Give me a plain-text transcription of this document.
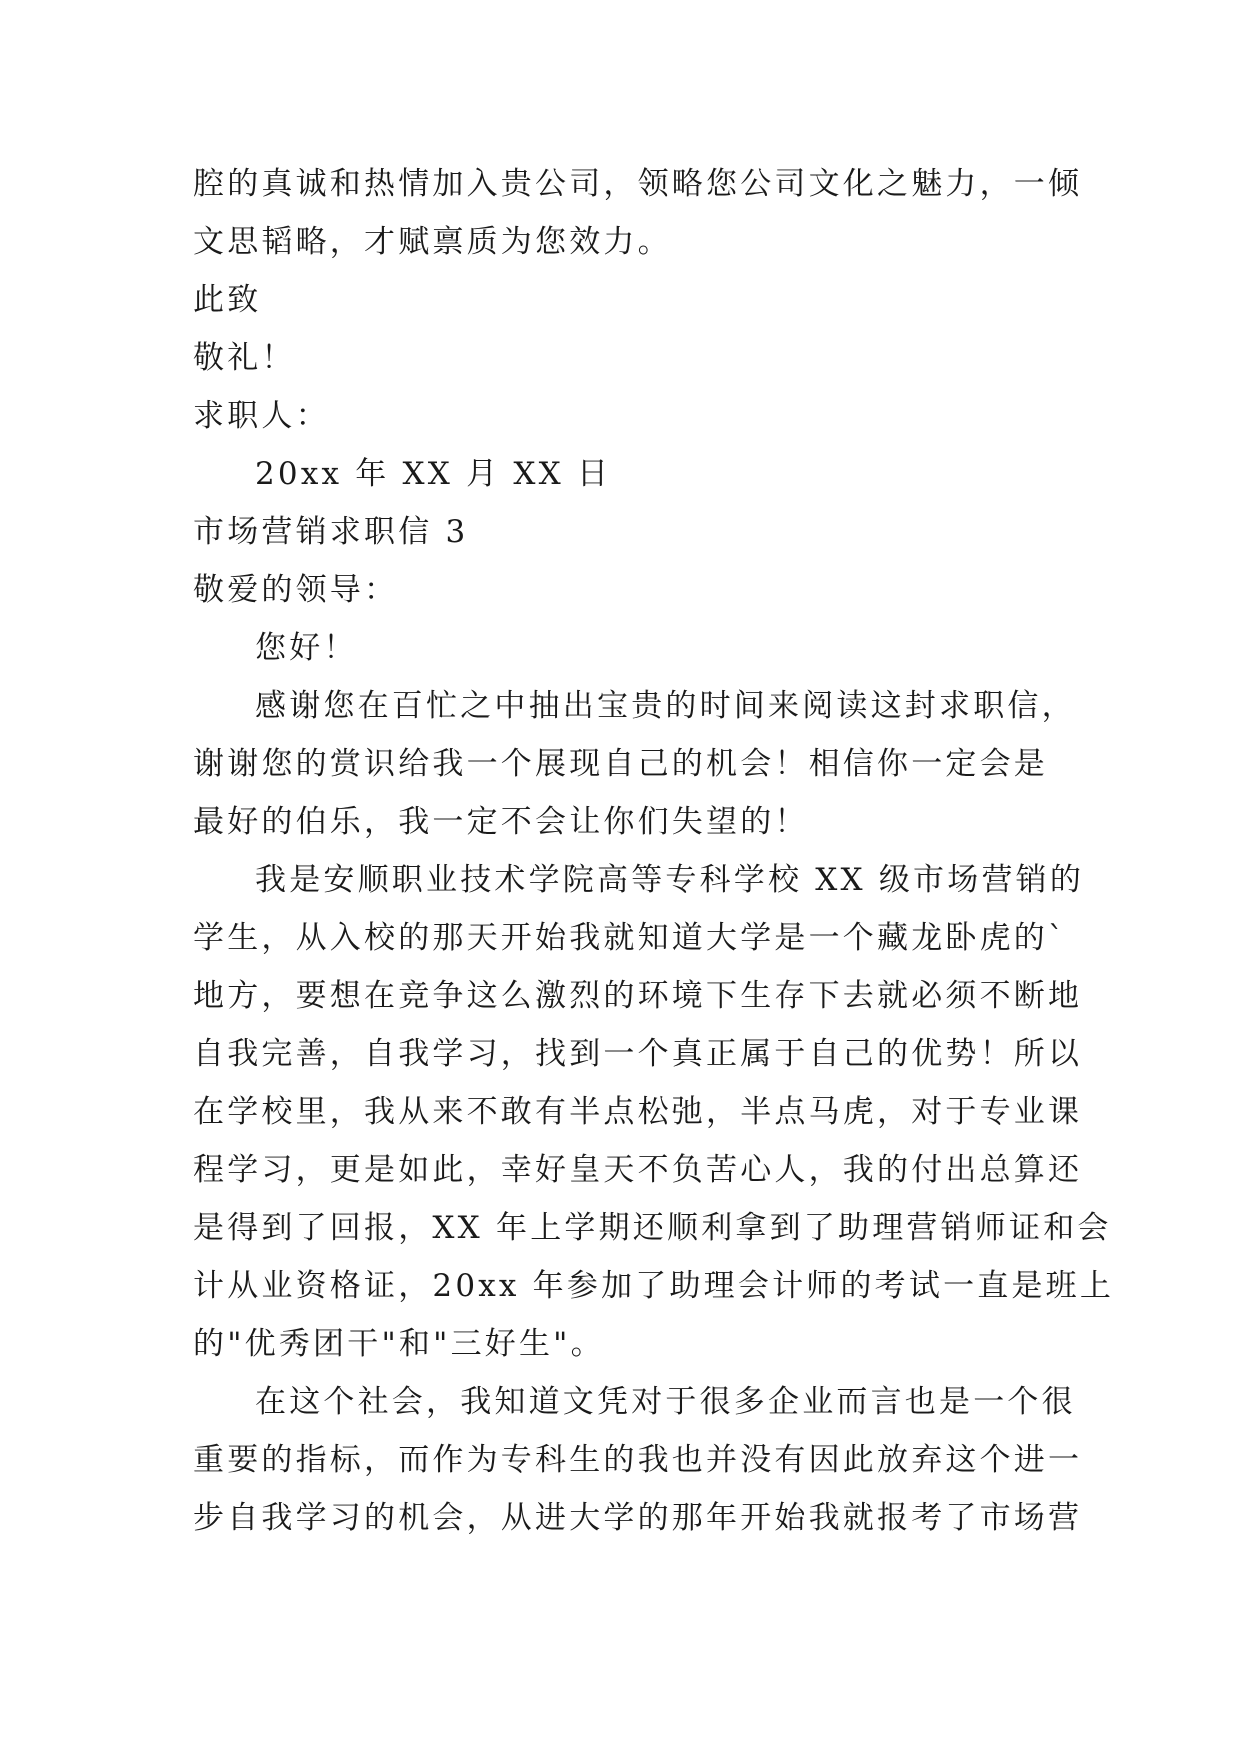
腔的真诚和热情加入贵公司，领略您公司文化之魅力，一倾
文思韬略，才赋禀质为您效力。
此致
敬礼！
求职人：
20xx 年 XX 月 XX 日
市场营销求职信 3
敬爱的领导：
您好！
感谢您在百忙之中抽出宝贵的时间来阅读这封求职信，
谢谢您的赏识给我一个展现自己的机会！相信你一定会是
最好的伯乐，我一定不会让你们失望的！
我是安顺职业技术学院高等专科学校 XX 级市场营销的
学生，从入校的那天开始我就知道大学是一个藏龙卧虎的`
地方，要想在竞争这么激烈的环境下生存下去就必须不断地
自我完善，自我学习，找到一个真正属于自己的优势！所以
在学校里，我从来不敢有半点松弛，半点马虎，对于专业课
程学习，更是如此，幸好皇天不负苦心人，我的付出总算还
是得到了回报，XX 年上学期还顺利拿到了助理营销师证和会
计从业资格证，20xx 年参加了助理会计师的考试一直是班上
的"优秀团干"和"三好生"。
在这个社会，我知道文凭对于很多企业而言也是一个很
重要的指标，而作为专科生的我也并没有因此放弃这个进一
步自我学习的机会，从进大学的那年开始我就报考了市场营
